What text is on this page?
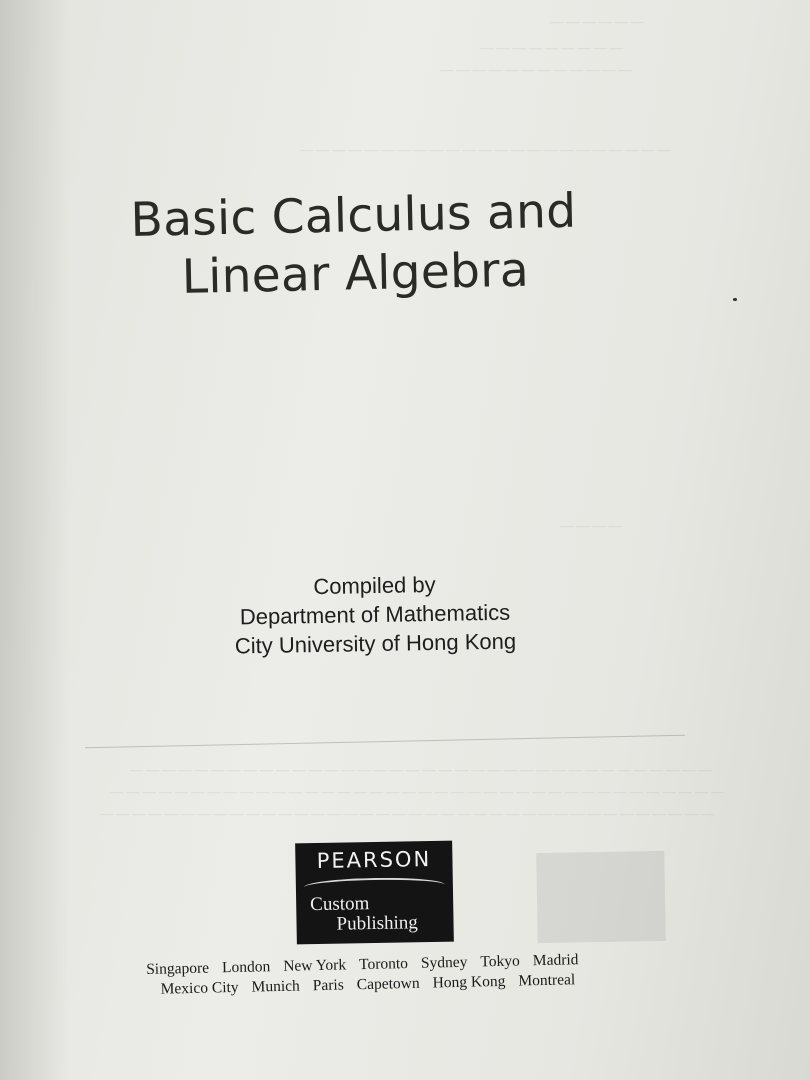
— — — — — —
— — — — — — — — —
— — — — — — — — — — — —
— — — — — — — — — — — — — — — — — — — — — — —
— — — —
— — — — — — — — — — — — — — — — — — — — — — — — — — — — — — — — — — — —
— — — — — — — — — — — — — — — — — — — — — — — — — — — — — — — — — — — — — —
— — — — — — — — — — — — — — — — — — — — — — — — — — — — — — — — — — — — — —
Basic Calculus and
Linear Algebra
Compiled by
Department of Mathematics
City University of Hong Kong
PEARSON
Custom
Publishing
Singapore London New York Toronto Sydney Tokyo Madrid
Mexico City Munich Paris Capetown Hong Kong Montreal
